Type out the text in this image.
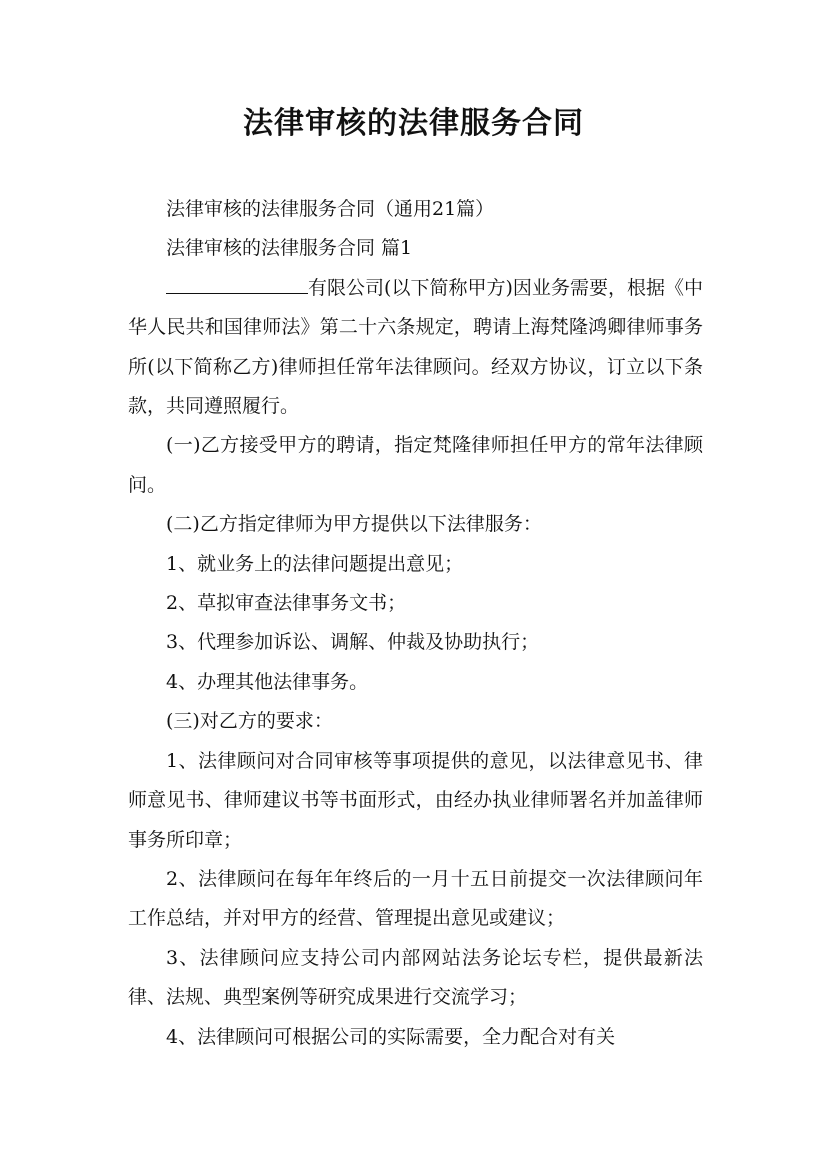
法律审核的法律服务合同

法律审核的法律服务合同（通用21篇）

法律审核的法律服务合同 篇1

有限公司(以下简称甲方)因业务需要，根据《中华人民共和国律师法》第二十六条规定，聘请上海梵隆鸿卿律师事务所(以下简称乙方)律师担任常年法律顾问。经双方协议，订立以下条款，共同遵照履行。

(一)乙方接受甲方的聘请，指定梵隆律师担任甲方的常年法律顾问。

(二)乙方指定律师为甲方提供以下法律服务：

1、就业务上的法律问题提出意见；

2、草拟审查法律事务文书；

3、代理参加诉讼、调解、仲裁及协助执行；

4、办理其他法律事务。

(三)对乙方的要求：

1、法律顾问对合同审核等事项提供的意见，以法律意见书、律师意见书、律师建议书等书面形式，由经办执业律师署名并加盖律师事务所印章；

2、法律顾问在每年年终后的一月十五日前提交一次法律顾问年工作总结，并对甲方的经营、管理提出意见或建议；

3、法律顾问应支持公司内部网站法务论坛专栏，提供最新法律、法规、典型案例等研究成果进行交流学习；

4、法律顾问可根据公司的实际需要，全力配合对有关
